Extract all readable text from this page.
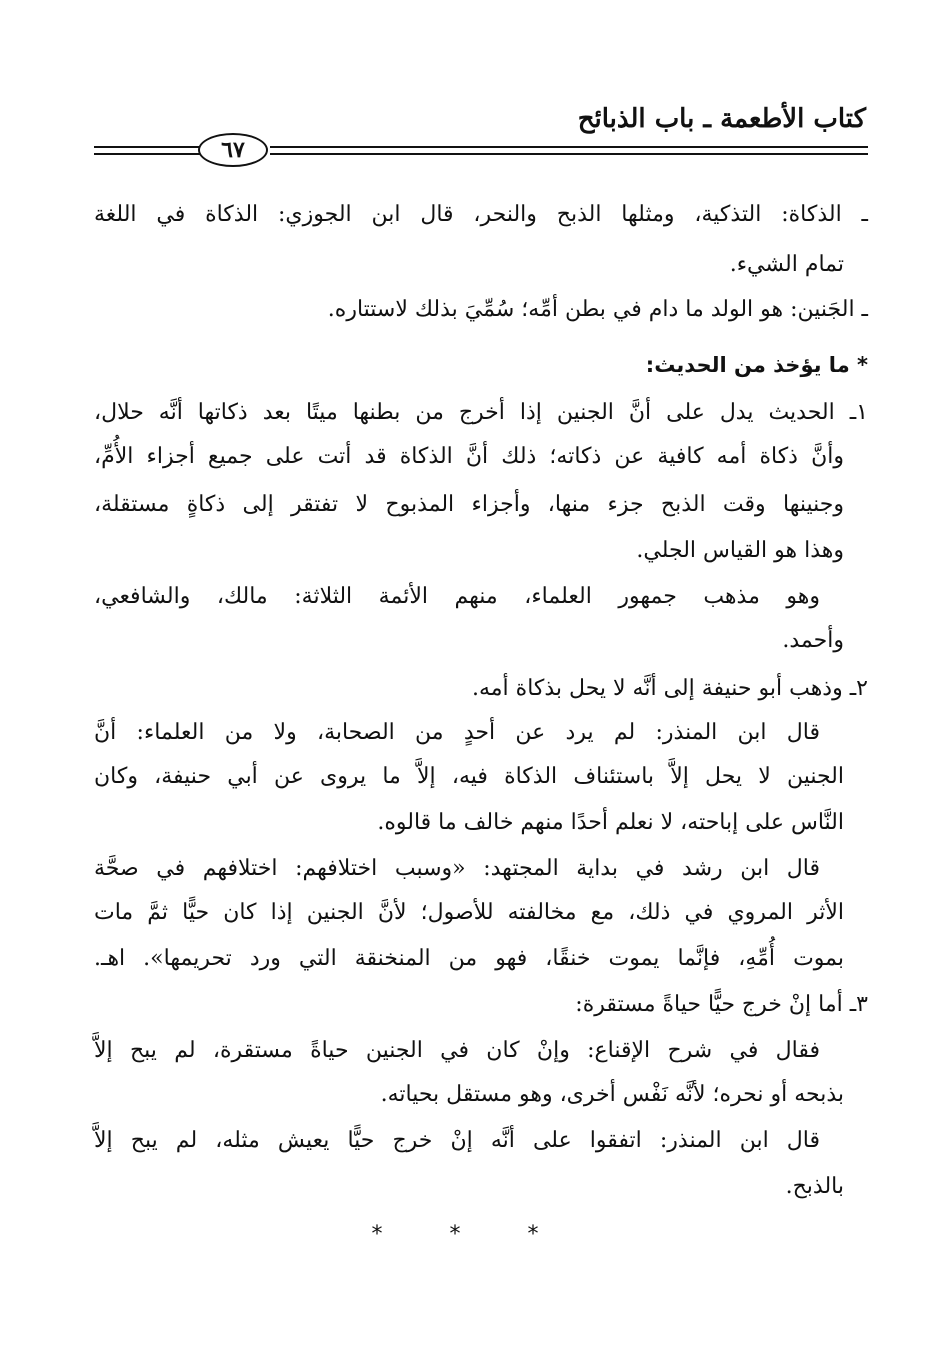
كتاب الأطعمة ـ باب الذبائح
٦٧
ـ الذكاة: التذكية، ومثلها الذبح والنحر، قال ابن الجوزي: الذكاة في اللغة
تمام الشيء.
ـ الجَنين: هو الولد ما دام في بطن أمِّه؛ سُمِّيَ بذلك لاستتاره.
* ما يؤخذ من الحديث:
١ـ الحديث يدل على أنَّ الجنين إذا أخرج من بطنها ميتًا بعد ذكاتها أنَّه حلال،
وأنَّ ذكاة أمه كافية عن ذكاته؛ ذلك أنَّ الذكاة قد أتت على جميع أجزاء الأُمِّ،
وجنينها وقت الذبح جزء منها، وأجزاء المذبوح لا تفتقر إلى ذكاةٍ مستقلة،
وهذا هو القياس الجلي.
وهو مذهب جمهور العلماء، منهم الأئمة الثلاثة: مالك، والشافعي،
وأحمد.
٢ـ وذهب أبو حنيفة إلى أنَّه لا يحل بذكاة أمه.
قال ابن المنذر: لم يرد عن أحدٍ من الصحابة، ولا من العلماء: أنَّ
الجنين لا يحل إلاَّ باستئناف الذكاة فيه، إلاَّ ما يروى عن أبي حنيفة، وكان
النَّاس على إباحته، لا نعلم أحدًا منهم خالف ما قالوه.
قال ابن رشد في بداية المجتهد: «وسبب اختلافهم: اختلافهم في صحَّة
الأثر المروي في ذلك، مع مخالفته للأصول؛ لأنَّ الجنين إذا كان حيًّا ثمَّ مات
بموت أُمِّهِ، فإنَّما يموت خنقًا، فهو من المنخنقة التي ورد تحريمها». اهـ.
٣ـ أما إنْ خرج حيًّا حياةً مستقرة:
فقال في شرح الإقناع: وإنْ كان في الجنين حياةً مستقرة، لم يبح إلاَّ
بذبحه أو نحره؛ لأنَّه نَفْس أخرى، وهو مستقل بحياته.
قال ابن المنذر: اتفقوا على أنَّه إنْ خرج حيًّا يعيش مثله، لم يبح إلاَّ
بالذبح.
* * *
